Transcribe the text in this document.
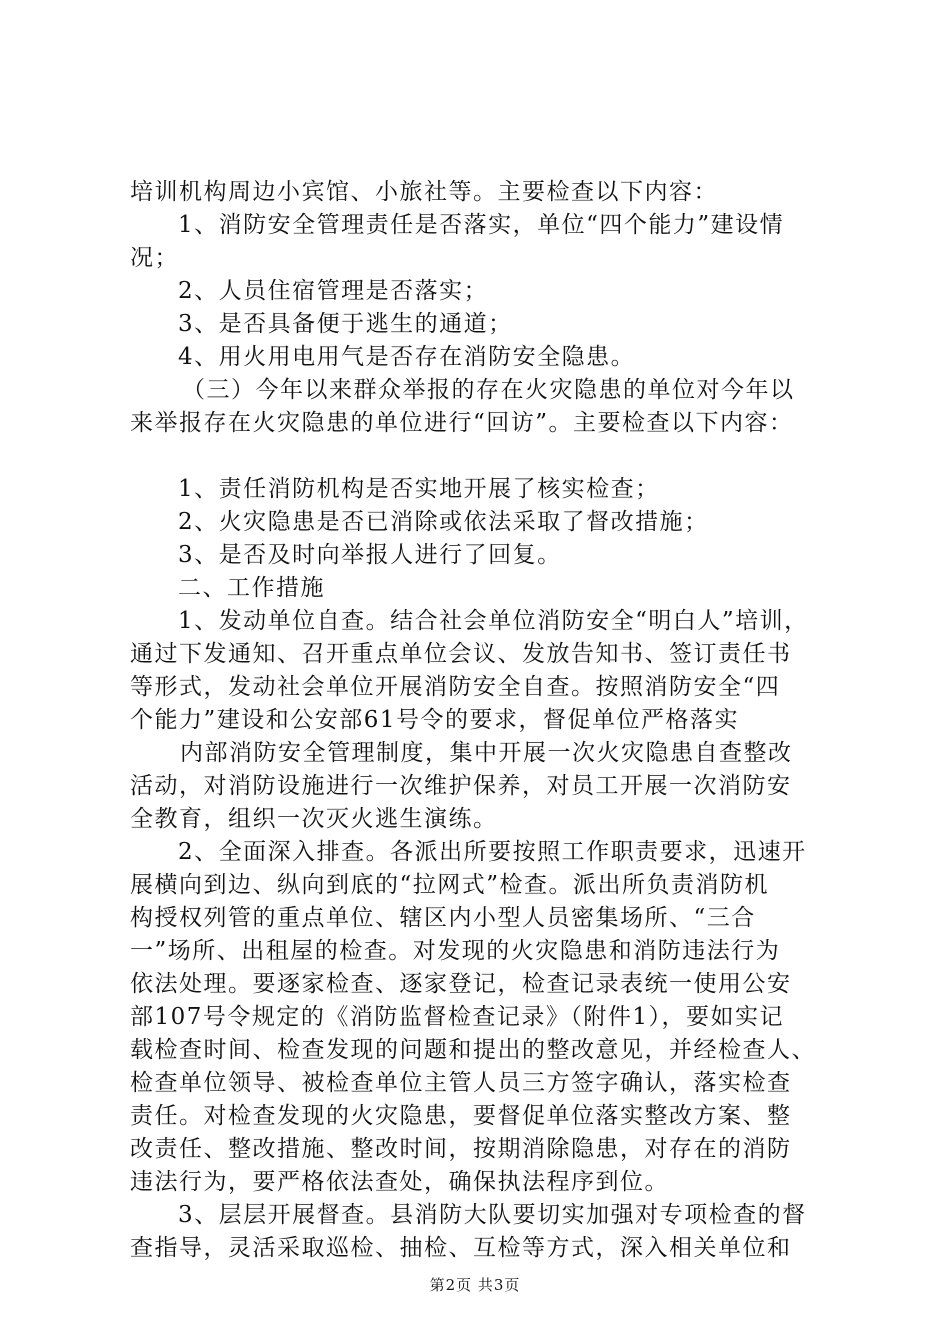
培训机构周边小宾馆、小旅社等。主要检查以下内容：
1、消防安全管理责任是否落实，单位“四个能力”建设情
况；
2、人员住宿管理是否落实；
3、是否具备便于逃生的通道；
4、用火用电用气是否存在消防安全隐患。
（三）今年以来群众举报的存在火灾隐患的单位对今年以
来举报存在火灾隐患的单位进行“回访”。主要检查以下内容：
1、责任消防机构是否实地开展了核实检查；
2、火灾隐患是否已消除或依法采取了督改措施；
3、是否及时向举报人进行了回复。
二、工作措施
1、发动单位自查。结合社会单位消防安全“明白人”培训，
通过下发通知、召开重点单位会议、发放告知书、签订责任书
等形式，发动社会单位开展消防安全自查。按照消防安全“四
个能力”建设和公安部61号令的要求，督促单位严格落实
内部消防安全管理制度，集中开展一次火灾隐患自查整改
活动，对消防设施进行一次维护保养，对员工开展一次消防安
全教育，组织一次灭火逃生演练。
2、全面深入排查。各派出所要按照工作职责要求，迅速开
展横向到边、纵向到底的“拉网式”检查。派出所负责消防机
构授权列管的重点单位、辖区内小型人员密集场所、“三合
一”场所、出租屋的检查。对发现的火灾隐患和消防违法行为
依法处理。要逐家检查、逐家登记，检查记录表统一使用公安
部107号令规定的《消防监督检查记录》（附件1），要如实记
载检查时间、检查发现的问题和提出的整改意见，并经检查人、
检查单位领导、被检查单位主管人员三方签字确认，落实检查
责任。对检查发现的火灾隐患，要督促单位落实整改方案、整
改责任、整改措施、整改时间，按期消除隐患，对存在的消防
违法行为，要严格依法查处，确保执法程序到位。
3、层层开展督查。县消防大队要切实加强对专项检查的督
查指导，灵活采取巡检、抽检、互检等方式，深入相关单位和
第2页 共3页
